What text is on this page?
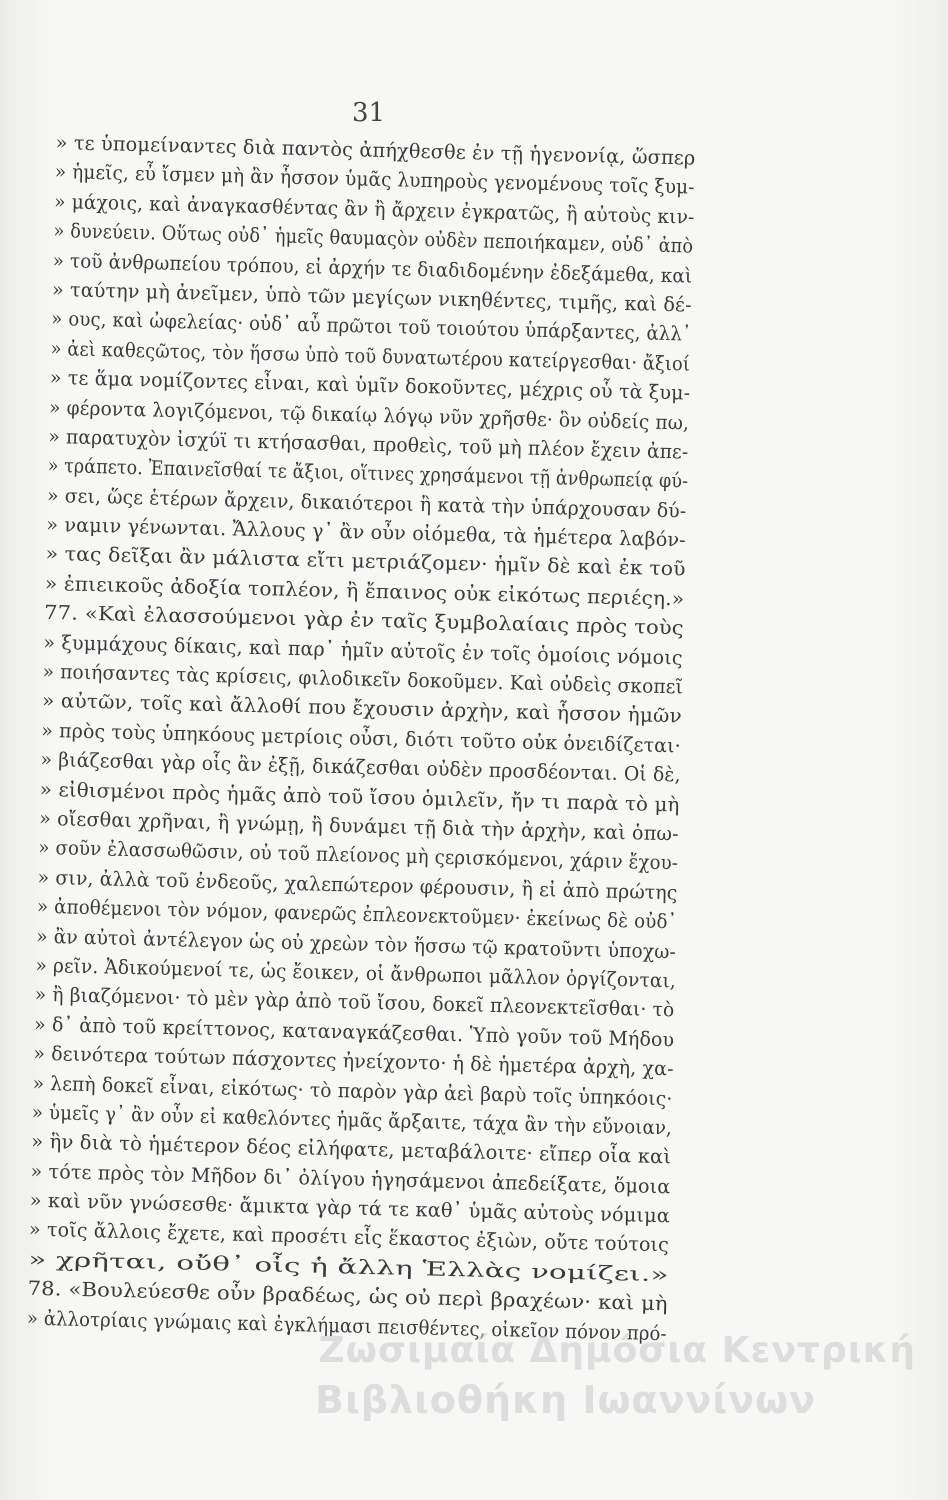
31
» τε ὑπομείναντες διὰ παντὸς ἀπήχθεσθε ἐν τῇ ἡγενονίᾳ, ὥσπερ
» ἡμεῖς, εὖ ἴσμεν μὴ ἂν ἧσσον ὑμᾶς λυπηροὺς γενομένους τοῖς ξυμ-
» μάχοις, καὶ ἀναγκασθέντας ἂν ἢ ἄρχειν ἐγκρατῶς, ἢ αὐτοὺς κιν-
» δυνεύειν. Οὕτως οὐδ᾽ ἡμεῖς θαυμαςὸν οὐδὲν πεποιήκαμεν, οὐδ᾽ ἀπὸ
» τοῦ ἀνθρωπείου τρόπου, εἰ ἀρχήν τε διαδιδομένην ἐδεξάμεθα, καὶ
» ταύτην μὴ ἀνεῖμεν, ὑπὸ τῶν μεγίςων νικηθέντες, τιμῆς, καὶ δέ-
» ους, καὶ ὠφελείας· οὐδ᾽ αὖ πρῶτοι τοῦ τοιούτου ὑπάρξαντες, ἀλλ᾽
» ἀεὶ καθεςῶτος, τὸν ἥσσω ὑπὸ τοῦ δυνατωτέρου κατείργεσθαι· ἄξιοί
» τε ἅμα νομίζοντες εἶναι, καὶ ὑμῖν δοκοῦντες, μέχρις οὗ τὰ ξυμ-
» φέροντα λογιζόμενοι, τῷ δικαίῳ λόγῳ νῦν χρῆσθε· ὃν οὐδείς πω,
» παρατυχὸν ἰσχύϊ τι κτήσασθαι, προθεὶς, τοῦ μὴ πλέον ἔχειν ἀπε-
» τράπετο. Ἐπαινεῖσθαί τε ἄξιοι, οἵτινες χρησάμενοι τῇ ἀνθρωπείᾳ φύ-
» σει, ὥςε ἑτέρων ἄρχειν, δικαιότεροι ἢ κατὰ τὴν ὑπάρχουσαν δύ-
» ναμιν γένωνται. Ἄλλους γ᾽ ἂν οὖν οἰόμεθα, τὰ ἡμέτερα λαβόν-
» τας δεῖξαι ἂν μάλιστα εἴτι μετριάζομεν· ἡμῖν δὲ καὶ ἐκ τοῦ
» ἐπιεικοῦς ἀδοξία τοπλέον, ἢ ἔπαινος οὐκ εἰκότως περιέςη.»
77. «Καὶ ἐλασσούμενοι γὰρ ἐν ταῖς ξυμβολαίαις πρὸς τοὺς
» ξυμμάχους δίκαις, καὶ παρ᾽ ἡμῖν αὐτοῖς ἐν τοῖς ὁμοίοις νόμοις
» ποιήσαντες τὰς κρίσεις, φιλοδικεῖν δοκοῦμεν. Καὶ οὐδεὶς σκοπεῖ
» αὐτῶν, τοῖς καὶ ἄλλοθί που ἔχουσιν ἀρχὴν, καὶ ἧσσον ἡμῶν
» πρὸς τοὺς ὑπηκόους μετρίοις οὖσι, διότι τοῦτο οὐκ ὀνειδίζεται·
» βιάζεσθαι γὰρ οἷς ἂν ἐξῇ, δικάζεσθαι οὐδὲν προσδέονται. Οἱ δὲ,
» εἰθισμένοι πρὸς ἡμᾶς ἀπὸ τοῦ ἴσου ὁμιλεῖν, ἤν τι παρὰ τὸ μὴ
» οἴεσθαι χρῆναι, ἢ γνώμῃ, ἢ δυνάμει τῇ διὰ τὴν ἀρχὴν, καὶ ὁπω-
» σοῦν ἐλασσωθῶσιν, οὐ τοῦ πλείονος μὴ ςερισκόμενοι, χάριν ἔχου-
» σιν, ἀλλὰ τοῦ ἐνδεοῦς, χαλεπώτερον φέρουσιν, ἢ εἰ ἀπὸ πρώτης
» ἀποθέμενοι τὸν νόμον, φανερῶς ἐπλεονεκτοῦμεν· ἐκείνως δὲ οὐδ᾽
» ἂν αὐτοὶ ἀντέλεγον ὡς οὐ χρεὼν τὸν ἥσσω τῷ κρατοῦντι ὑποχω-
» ρεῖν. Ἀδικούμενοί τε, ὡς ἔοικεν, οἱ ἄνθρωποι μᾶλλον ὀργίζονται,
» ἢ βιαζόμενοι· τὸ μὲν γὰρ ἀπὸ τοῦ ἴσου, δοκεῖ πλεονεκτεῖσθαι· τὸ
» δ᾽ ἀπὸ τοῦ κρείττονος, καταναγκάζεσθαι. Ὑπὸ γοῦν τοῦ Μήδου
» δεινότερα τούτων πάσχοντες ἠνείχοντο· ἡ δὲ ἡμετέρα ἀρχὴ, χα-
» λεπὴ δοκεῖ εἶναι, εἰκότως· τὸ παρὸν γὰρ ἀεὶ βαρὺ τοῖς ὑπηκόοις·
» ὑμεῖς γ᾽ ἂν οὖν εἰ καθελόντες ἡμᾶς ἄρξαιτε, τάχα ἂν τὴν εὔνοιαν,
» ἣν διὰ τὸ ἡμέτερον δέος εἰλήφατε, μεταβάλοιτε· εἴπερ οἷα καὶ
» τότε πρὸς τὸν Μῆδον δι᾽ ὀλίγου ἡγησάμενοι ἀπεδείξατε, ὅμοια
» καὶ νῦν γνώσεσθε· ἄμικτα γὰρ τά τε καθ᾽ ὑμᾶς αὐτοὺς νόμιμα
» τοῖς ἄλλοις ἔχετε, καὶ προσέτι εἷς ἕκαστος ἐξιὼν, οὔτε τούτοις
» χρῆται, οὔθ᾽ οἷς ἡ ἄλλη Ἑλλὰς νομίζει.»
78. «Βουλεύεσθε οὖν βραδέως, ὡς οὐ περὶ βραχέων· καὶ μὴ
» ἀλλοτρίαις γνώμαις καὶ ἐγκλήμασι πεισθέντες, οἰκεῖον πόνον πρό-
Ζωσιμαία Δημόσια Κεντρική
Βιβλιοθήκη Ιωαννίνων
